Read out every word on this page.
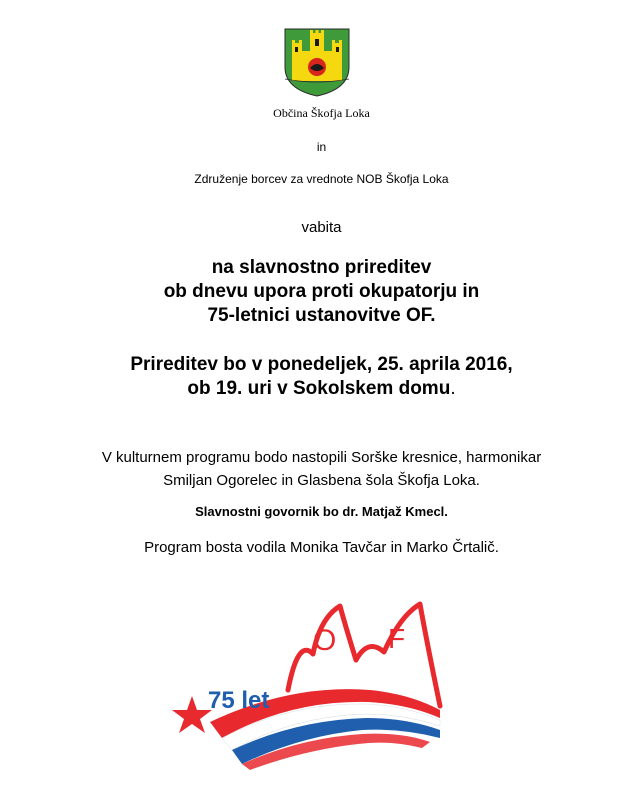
Občina Škofja Loka
in
Združenje borcev za vrednote NOB Škofja Loka
vabita
na slavnostno prireditev
ob dnevu upora proti okupatorju in
75-letnici ustanovitve OF.
Prireditev bo v ponedeljek, 25. aprila 2016,
ob 19. uri v Sokolskem domu.
V kulturnem programu bodo nastopili Sorške kresnice, harmonikar
Smiljan Ogorelec in Glasbena šola Škofja Loka.
Slavnostni govornik bo dr. Matjaž Kmecl.
Program bosta vodila Monika Tavčar in Marko Črtalič.
O F
75 let
